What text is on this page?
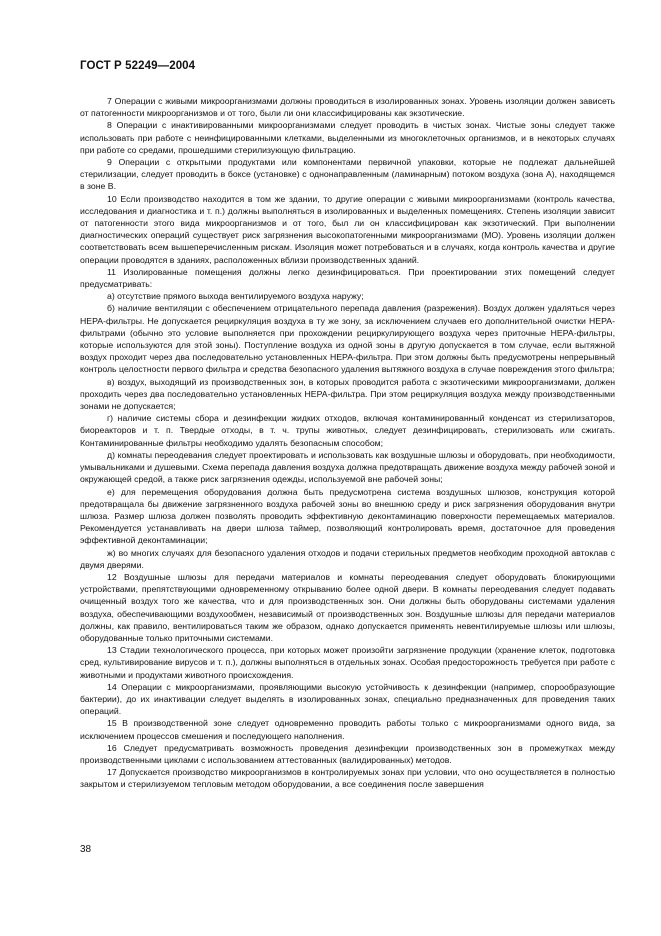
ГОСТ Р 52249—2004

7 Операции с живыми микроорганизмами должны проводиться в изолированных зонах. Уровень изоляции должен зависеть от патогенности микроорганизмов и от того, были ли они классифицированы как экзотические.

8 Операции с инактивированными микроорганизмами следует проводить в чистых зонах. Чистые зоны следует также использовать при работе с неинфицированными клетками, выделенными из многоклеточных организмов, и в некоторых случаях при работе со средами, прошедшими стерилизующую фильтрацию.

9 Операции с открытыми продуктами или компонентами первичной упаковки, которые не подлежат дальнейшей стерилизации, следует проводить в боксе (установке) с однонаправленным (ламинарным) потоком воздуха (зона А), находящемся в зоне В.

10 Если производство находится в том же здании, то другие операции с живыми микроорганизмами (контроль качества, исследования и диагностика и т. п.) должны выполняться в изолированных и выделенных помещениях. Степень изоляции зависит от патогенности этого вида микроорганизмов и от того, был ли он классифицирован как экзотический. При выполнении диагностических операций существует риск загрязнения высокопатогенными микроорганизмами (МО). Уровень изоляции должен соответствовать всем вышеперечисленным рискам. Изоляция может потребоваться и в случаях, когда контроль качества и другие операции проводятся в зданиях, расположенных вблизи производственных зданий.

11 Изолированные помещения должны легко дезинфицироваться. При проектировании этих помещений следует предусматривать:

а) отсутствие прямого выхода вентилируемого воздуха наружу;

б) наличие вентиляции с обеспечением отрицательного перепада давления (разрежения). Воздух должен удаляться через НЕРА-фильтры. Не допускается рециркуляция воздуха в ту же зону, за исключением случаев его дополнительной очистки НЕРА-фильтрами (обычно это условие выполняется при прохождении рециркулирующего воздуха через приточные НЕРА-фильтры, которые используются для этой зоны). Поступление воздуха из одной зоны в другую допускается в том случае, если вытяжной воздух проходит через два последовательно установленных НЕРА-фильтра. При этом должны быть предусмотрены непрерывный контроль целостности первого фильтра и средства безопасного удаления вытяжного воздуха в случае повреждения этого фильтра;

в) воздух, выходящий из производственных зон, в которых проводится работа с экзотическими микроорганизмами, должен проходить через два последовательно установленных НЕРА-фильтра. При этом рециркуляция воздуха между производственными зонами не допускается;

г) наличие системы сбора и дезинфекции жидких отходов, включая контаминированный конденсат из стерилизаторов, биореакторов и т. п. Твердые отходы, в т. ч. трупы животных, следует дезинфицировать, стерилизовать или сжигать. Контаминированные фильтры необходимо удалять безопасным способом;

д) комнаты переодевания следует проектировать и использовать как воздушные шлюзы и оборудовать, при необходимости, умывальниками и душевыми. Схема перепада давления воздуха должна предотвращать движение воздуха между рабочей зоной и окружающей средой, а также риск загрязнения одежды, используемой вне рабочей зоны;

е) для перемещения оборудования должна быть предусмотрена система воздушных шлюзов, конструкция которой предотвращала бы движение загрязненного воздуха рабочей зоны во внешнюю среду и риск загрязнения оборудования внутри шлюза. Размер шлюза должен позволять проводить эффективную деконтаминацию поверхности перемещаемых материалов. Рекомендуется устанавливать на двери шлюза таймер, позволяющий контролировать время, достаточное для проведения эффективной деконтаминации;

ж) во многих случаях для безопасного удаления отходов и подачи стерильных предметов необходим проходной автоклав с двумя дверями.

12 Воздушные шлюзы для передачи материалов и комнаты переодевания следует оборудовать блокирующими устройствами, препятствующими одновременному открыванию более одной двери. В комнаты переодевания следует подавать очищенный воздух того же качества, что и для производственных зон. Они должны быть оборудованы системами удаления воздуха, обеспечивающими воздухообмен, независимый от производственных зон. Воздушные шлюзы для передачи материалов должны, как правило, вентилироваться таким же образом, однако допускается применять невентилируемые шлюзы или шлюзы, оборудованные только приточными системами.

13 Стадии технологического процесса, при которых может произойти загрязнение продукции (хранение клеток, подготовка сред, культивирование вирусов и т. п.), должны выполняться в отдельных зонах. Особая предосторожность требуется при работе с животными и продуктами животного происхождения.

14 Операции с микроорганизмами, проявляющими высокую устойчивость к дезинфекции (например, спорообразующие бактерии), до их инактивации следует выделять в изолированных зонах, специально предназначенных для проведения таких операций.

15 В производственной зоне следует одновременно проводить работы только с микроорганизмами одного вида, за исключением процессов смешения и последующего наполнения.

16 Следует предусматривать возможность проведения дезинфекции производственных зон в промежутках между производственными циклами с использованием аттестованных (валидированных) методов.

17 Допускается производство микроорганизмов в контролируемых зонах при условии, что оно осуществляется в полностью закрытом и стерилизуемом тепловым методом оборудовании, а все соединения после завершения

38
